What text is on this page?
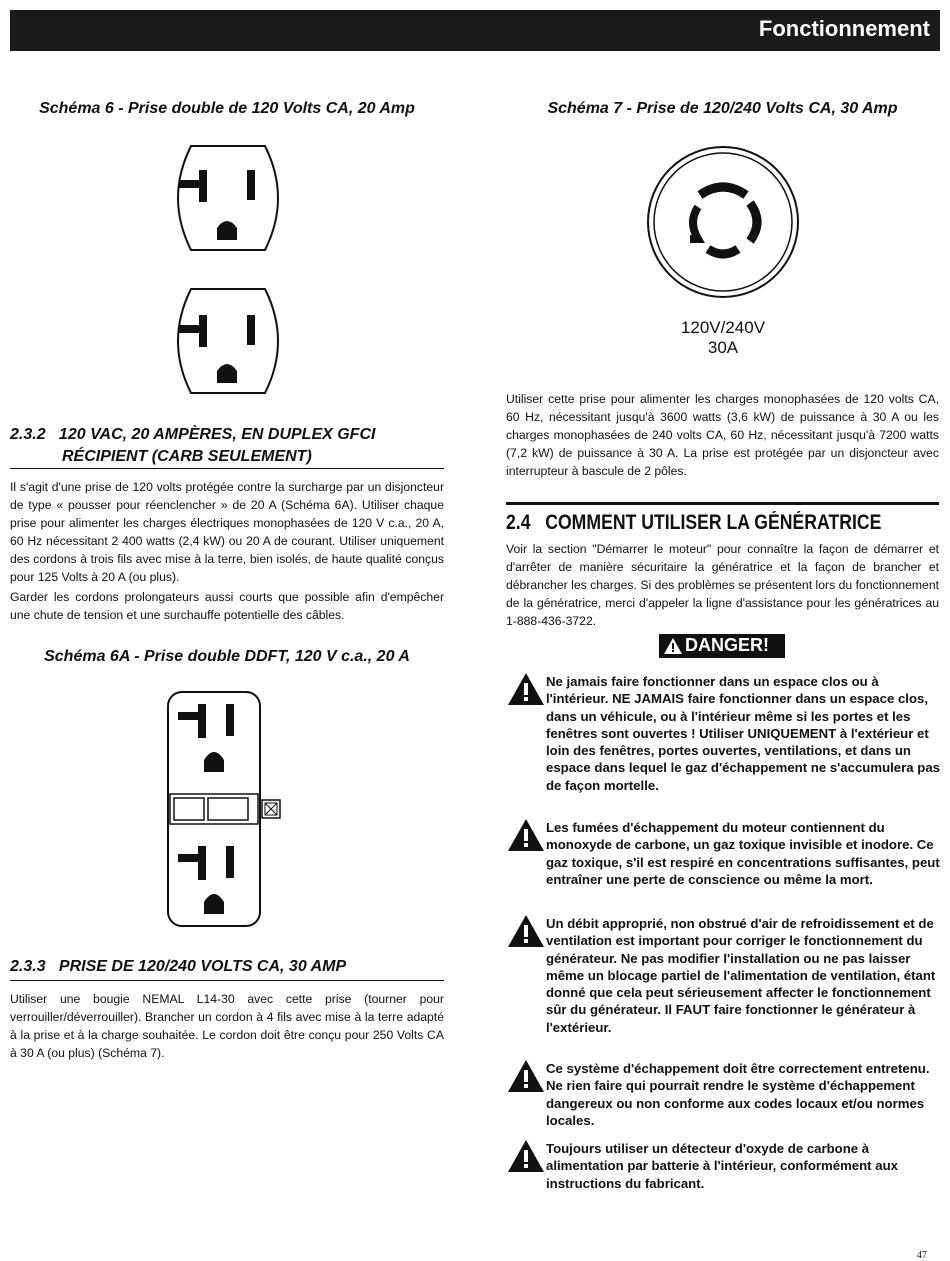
Fonctionnement
Schéma 6 - Prise double de 120 Volts CA, 20 Amp
2.3.2   120 VAC, 20 AMPÈRES, EN DUPLEX GFCI
RÉCIPIENT (CARB SEULEMENT)

Il s'agit d'une prise de 120 volts protégée contre la surcharge par un disjoncteur de type « pousser pour réenclencher » de 20 A (Schéma 6A). Utiliser chaque prise pour alimenter les charges électriques monophasées de 120 V c.a., 20 A, 60 Hz nécessitant 2 400 watts (2,4 kW) ou 20 A de courant. Utiliser uniquement des cordons à trois fils avec mise à la terre, bien isolés, de haute qualité conçus pour 125 Volts à 20 A (ou plus).

Garder les cordons prolongateurs aussi courts que possible afin d'empêcher une chute de tension et une surchauffe potentielle des câbles.

Schéma 6A - Prise double DDFT, 120 V c.a., 20 A
2.3.3   PRISE DE 120/240 VOLTS CA, 30 AMP

Utiliser une bougie NEMAL L14-30 avec cette prise (tourner pour verrouiller/déverrouiller). Brancher un cordon à 4 fils avec mise à la terre adapté à la prise et à la charge souhaitée. Le cordon doit être conçu pour 250 Volts CA à 30 A (ou plus) (Schéma 7).

Schéma 7 - Prise de 120/240 Volts CA, 30 Amp
120V/240V
30A

Utiliser cette prise pour alimenter les charges monophasées de 120 volts CA, 60 Hz, nécessitant jusqu'à 3600 watts (3,6 kW) de puissance à 30 A ou les charges monophasées de 240 volts CA, 60 Hz, nécessitant jusqu'à 7200 watts (7,2 kW) de puissance à 30 A. La prise est protégée par un disjoncteur avec interrupteur à bascule de 2 pôles.

2.4   COMMENT UTILISER LA GÉNÉRATRICE

Voir la section "Démarrer le moteur" pour connaître la façon de démarrer et d'arrêter de manière sécuritaire la génératrice et la façon de brancher et débrancher les charges. Si des problèmes se présentent lors du fonctionnement de la génératrice, merci d'appeler la ligne d'assistance pour les génératrices au 1-888-436-3722.

DANGER!

Ne jamais faire fonctionner dans un espace clos ou à l'intérieur. NE JAMAIS faire fonctionner dans un espace clos, dans un véhicule, ou à l'intérieur même si les portes et les fenêtres sont ouvertes ! Utiliser UNIQUEMENT à l'extérieur et loin des fenêtres, portes ouvertes, ventilations, et dans un espace dans lequel le gaz d'échappement ne s'accumulera pas de façon mortelle.

Les fumées d'échappement du moteur contiennent du monoxyde de carbone, un gaz toxique invisible et inodore. Ce gaz toxique, s'il est respiré en concentrations suffisantes, peut entraîner une perte de conscience ou même la mort.

Un débit approprié, non obstrué d'air de refroidissement et de ventilation est important pour corriger le fonctionnement du générateur. Ne pas modifier l'installation ou ne pas laisser même un blocage partiel de l'alimentation de ventilation, étant donné que cela peut sérieusement affecter le fonctionnement sûr du générateur. Il FAUT faire fonctionner le générateur à l'extérieur.

Ce système d'échappement doit être correctement entretenu. Ne rien faire qui pourrait rendre le système d'échappement dangereux ou non conforme aux codes locaux et/ou normes locales.

Toujours utiliser un détecteur d'oxyde de carbone à alimentation par batterie à l'intérieur, conformément aux instructions du fabricant.

47
